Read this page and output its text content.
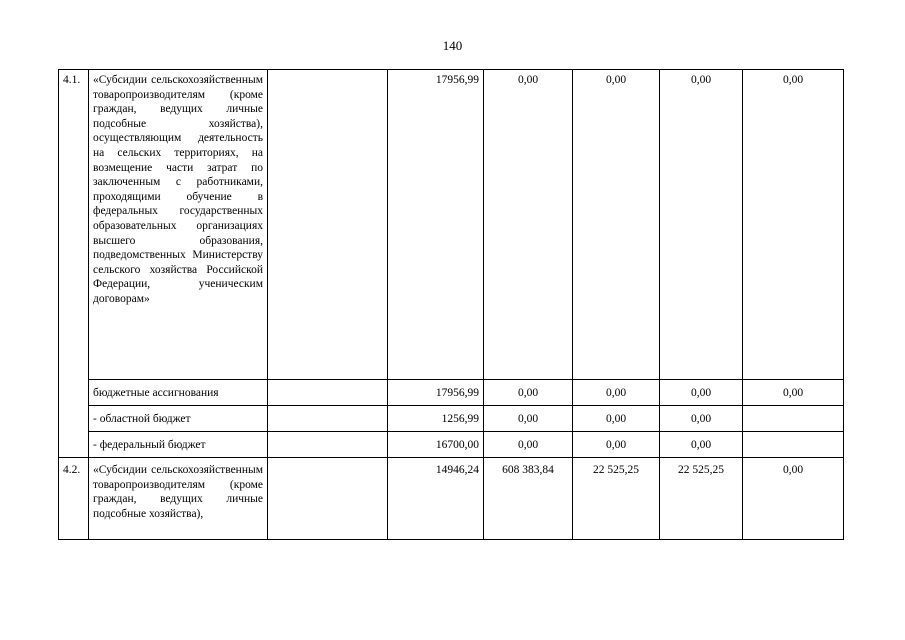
140
4.1.	«Субсидии сельскохозяйственным товаропроизводителям (кроме граждан, ведущих личные подсобные хозяйства), осуществляющим деятельность на сельских территориях, на возмещение части затрат по заключенным с работниками, проходящими обучение в федеральных государственных образовательных организациях высшего образования, подведомственных Министерству сельского хозяйства Российской Федерации, ученическим договорам»		17956,99	0,00	0,00	0,00	0,00
	бюджетные ассигнования		17956,99	0,00	0,00	0,00	0,00
	- областной бюджет		1256,99	0,00	0,00	0,00	
	- федеральный бюджет		16700,00	0,00	0,00	0,00	
4.2.	«Субсидии сельскохозяйственным товаропроизводителям (кроме граждан, ведущих личные подсобные хозяйства),		14946,24	608 383,84	22 525,25	22 525,25	0,00
